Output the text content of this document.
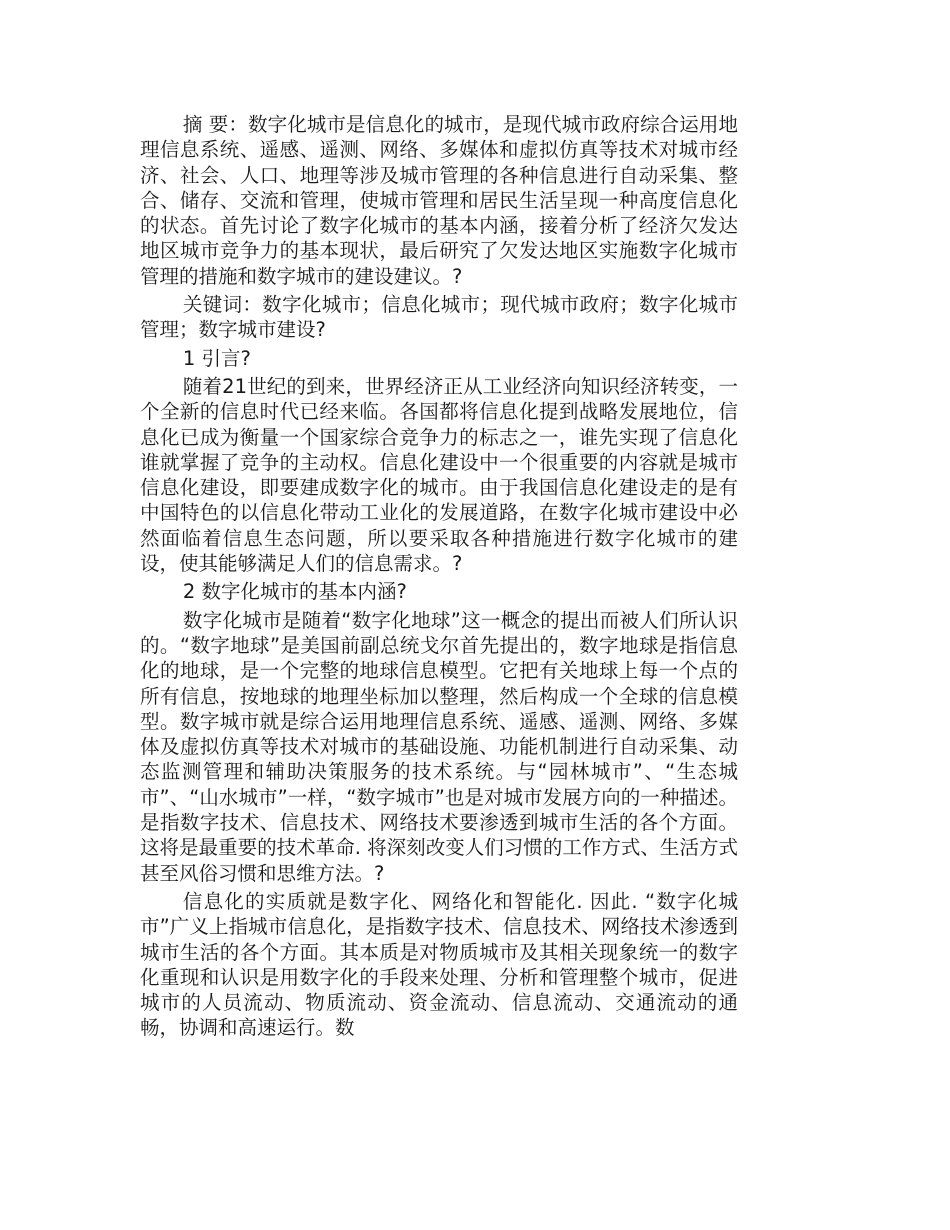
摘 要：数字化城市是信息化的城市，是现代城市政府综合运用地理信息系统、遥感、遥测、网络、多媒体和虚拟仿真等技术对城市经济、社会、人口、地理等涉及城市管理的各种信息进行自动采集、整合、储存、交流和管理，使城市管理和居民生活呈现一种高度信息化的状态。首先讨论了数字化城市的基本内涵，接着分析了经济欠发达地区城市竞争力的基本现状，最后研究了欠发达地区实施数字化城市管理的措施和数字城市的建设建议。?

关键词：数字化城市；信息化城市；现代城市政府；数字化城市管理；数字城市建设?

1 引言?

随着21世纪的到来，世界经济正从工业经济向知识经济转变，一个全新的信息时代已经来临。各国都将信息化提到战略发展地位，信息化已成为衡量一个国家综合竞争力的标志之一，谁先实现了信息化谁就掌握了竞争的主动权。信息化建设中一个很重要的内容就是城市信息化建设，即要建成数字化的城市。由于我国信息化建设走的是有中国特色的以信息化带动工业化的发展道路，在数字化城市建设中必然面临着信息生态问题，所以要采取各种措施进行数字化城市的建设，使其能够满足人们的信息需求。?

2 数字化城市的基本内涵?

数字化城市是随着“数字化地球”这一概念的提出而被人们所认识的。“数字地球”是美国前副总统戈尔首先提出的，数字地球是指信息化的地球，是一个完整的地球信息模型。它把有关地球上每一个点的所有信息，按地球的地理坐标加以整理，然后构成一个全球的信息模型。数字城市就是综合运用地理信息系统、遥感、遥测、网络、多媒体及虚拟仿真等技术对城市的基础设施、功能机制进行自动采集、动态监测管理和辅助决策服务的技术系统。与“园林城市”、“生态城市”、“山水城市”一样，“数字城市”也是对城市发展方向的一种描述。是指数字技术、信息技术、网络技术要渗透到城市生活的各个方面。这将是最重要的技术革命. 将深刻改变人们习惯的工作方式、生活方式甚至风俗习惯和思维方法。?

信息化的实质就是数字化、网络化和智能化. 因此. “数字化城市”广义上指城市信息化，是指数字技术、信息技术、网络技术渗透到城市生活的各个方面。其本质是对物质城市及其相关现象统一的数字化重现和认识是用数字化的手段来处理、分析和管理整个城市，促进城市的人员流动、物质流动、资金流动、信息流动、交通流动的通畅，协调和高速运行。数
